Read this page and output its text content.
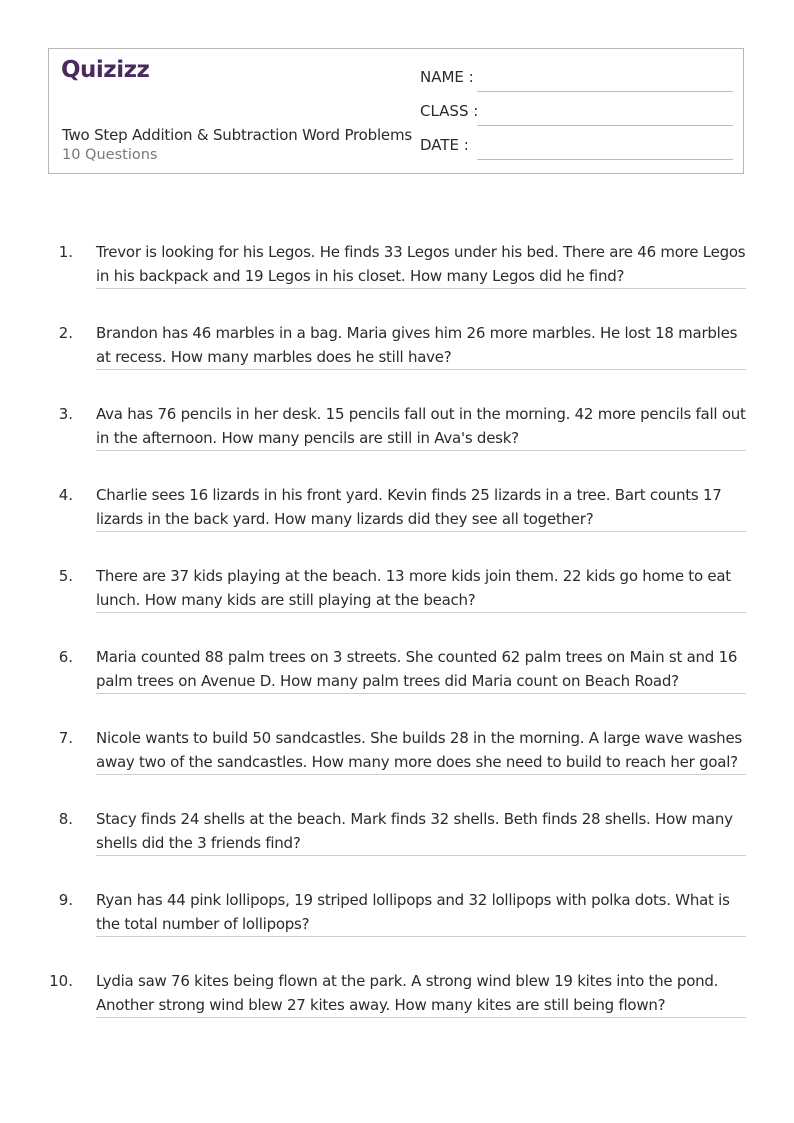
Quizizz
Two Step Addition & Subtraction Word Problems
10 Questions
NAME :
CLASS :
DATE :
1. Trevor is looking for his Legos. He finds 33 Legos under his bed. There are 46 more Legos in his backpack and 19 Legos in his closet. How many Legos did he find?
2. Brandon has 46 marbles in a bag. Maria gives him 26 more marbles. He lost 18 marbles at recess. How many marbles does he still have?
3. Ava has 76 pencils in her desk. 15 pencils fall out in the morning. 42 more pencils fall out in the afternoon. How many pencils are still in Ava's desk?
4. Charlie sees 16 lizards in his front yard. Kevin finds 25 lizards in a tree. Bart counts 17 lizards in the back yard. How many lizards did they see all together?
5. There are 37 kids playing at the beach. 13 more kids join them. 22 kids go home to eat lunch. How many kids are still playing at the beach?
6. Maria counted 88 palm trees on 3 streets. She counted 62 palm trees on Main st and 16 palm trees on Avenue D. How many palm trees did Maria count on Beach Road?
7. Nicole wants to build 50 sandcastles. She builds 28 in the morning. A large wave washes away two of the sandcastles. How many more does she need to build to reach her goal?
8. Stacy finds 24 shells at the beach. Mark finds 32 shells. Beth finds 28 shells. How many shells did the 3 friends find?
9. Ryan has 44 pink lollipops, 19 striped lollipops and 32 lollipops with polka dots. What is the total number of lollipops?
10. Lydia saw 76 kites being flown at the park. A strong wind blew 19 kites into the pond. Another strong wind blew 27 kites away. How many kites are still being flown?
